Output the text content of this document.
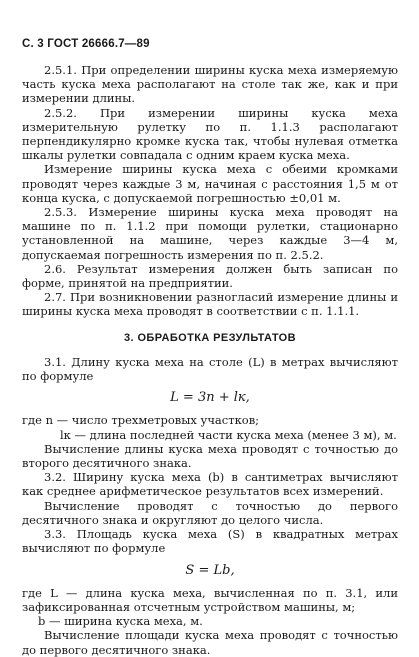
С. 3 ГОСТ 26666.7—89

2.5.1. При определении ширины куска меха измеряемую часть куска меха располагают на столе так же, как и при измерении длины.

2.5.2. При измерении ширины куска меха измерительную рулетку по п. 1.1.3 располагают перпендикулярно кромке куска так, чтобы нулевая отметка шкалы рулетки совпадала с одним краем куска меха.

Измерение ширины куска меха с обеими кромками проводят через каждые 3 м, начиная с расстояния 1,5 м от конца куска, с допускаемой погрешностью ±0,01 м.

2.5.3. Измерение ширины куска меха проводят на машине по п. 1.1.2 при помощи рулетки, стационарно установленной на машине, через каждые 3—4 м, допускаемая погрешность измерения по п. 2.5.2.

2.6. Результат измерения должен быть записан по форме, принятой на предприятии.

2.7. При возникновении разногласий измерение длины и ширины куска меха проводят в соответствии с п. 1.1.1.

3. ОБРАБОТКА РЕЗУЛЬТАТОВ

3.1. Длину куска меха на столе (L) в метрах вычисляют по формуле

L = 3n + lк,

где n — число трехметровых участков;

lк — длина последней части куска меха (менее 3 м), м.

Вычисление длины куска меха проводят с точностью до второго десятичного знака.

3.2. Ширину куска меха (b) в сантиметрах вычисляют как среднее арифметическое результатов всех измерений.

Вычисление проводят с точностью до первого десятичного знака и округляют до целого числа.

3.3. Площадь куска меха (S) в квадратных метрах вычисляют по формуле

S = Lb,

где L — длина куска меха, вычисленная по п. 3.1, или зафиксированная отсчетным устройством машины, м;

b — ширина куска меха, м.

Вычисление площади куска меха проводят с точностью до первого десятичного знака.
